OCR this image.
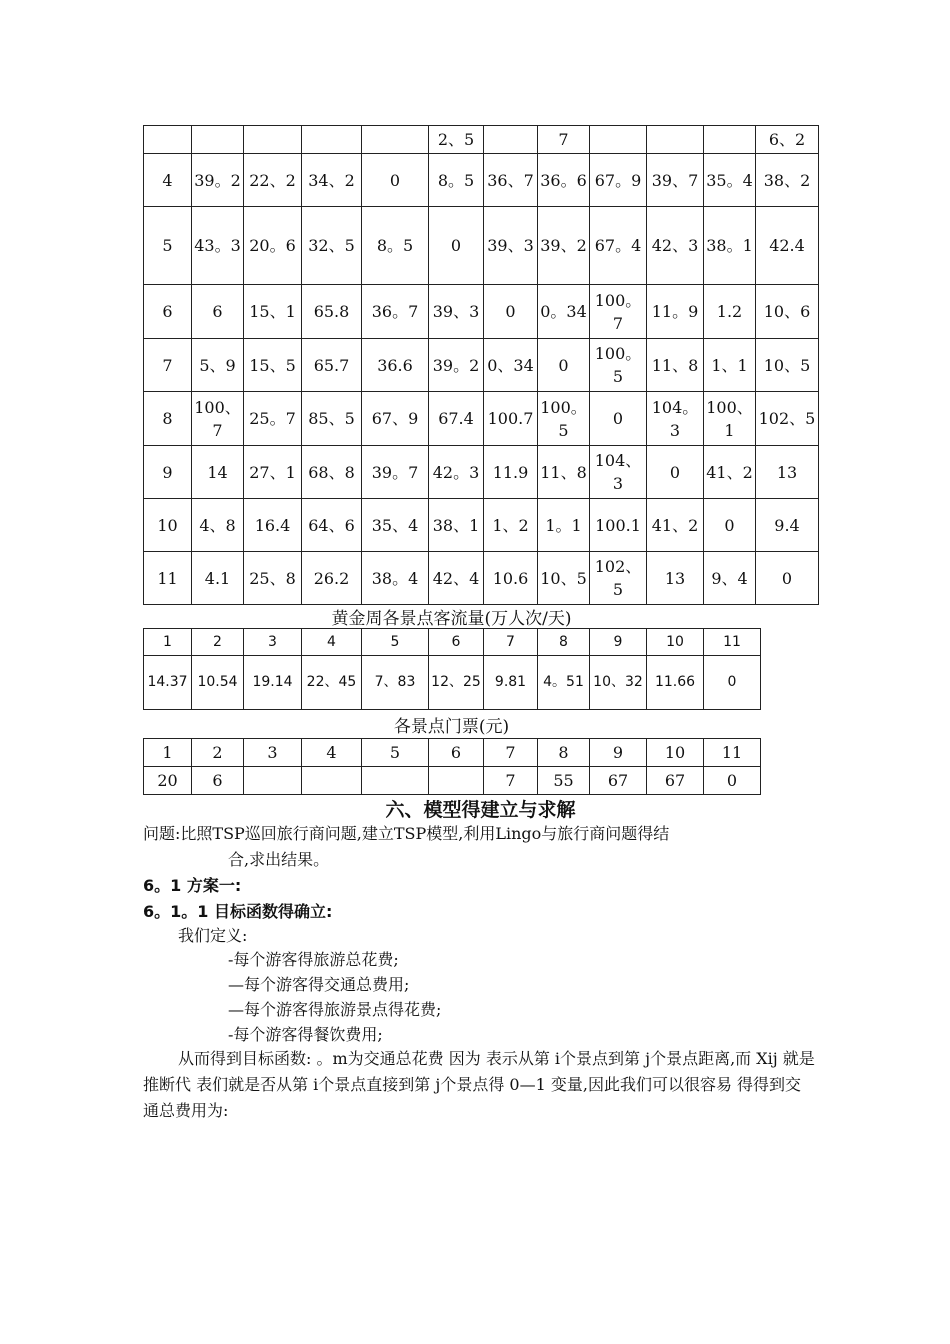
					2、5		7				6、2
4	39。2	22、2	34、2	0	8。5	36、7	36。6	67。9	39、7	35。4	38、2
5	43。3	20。6	32、5	8。5	0	39、3	39、2	67。4	42、3	38。1	42.4
6	6	15、1	65.8	36。7	39、3	0	0。34	100。7	11。9	1.2	10、6
7	5、9	15、5	65.7	36.6	39。2	0、34	0	100。5	11、8	1、1	10、5
8	100、7	25。7	85、5	67、9	67.4	100.7	100。5	0	104。3	100、1	102、5
9	14	27、1	68、8	39。7	42。3	11.9	11、8	104、3	0	41、2	13
10	4、8	16.4	64、6	35、4	38、1	1、2	1。1	100.1	41、2	0	9.4
11	4.1	25、8	26.2	38。4	42、4	10.6	10、5	102、5	13	9、4	0
黄金周各景点客流量(万人次/天)
1	2	3	4	5	6	7	8	9	10	11
14.37	10.54	19.14	22、45	7、83	12、25	9.81	4。51	10、32	11.66	0
各景点门票(元)
1	2	3	4	5	6	7	8	9	10	11
20	6					7	55	67	67	0
六、模型得建立与求解
问题:比照TSP巡回旅行商问题,建立TSP模型,利用Lingo与旅行商问题得结
合,求出结果。
6。1 方案一:
6。1。1 目标函数得确立:
我们定义:
-每个游客得旅游总花费;
—每个游客得交通总费用;
—每个游客得旅游景点得花费;
-每个游客得餐饮费用;
从而得到目标函数: 。m为交通总花费 因为 表示从第 i个景点到第 j个景点距离,而 Xij 就是推断代 表们就是否从第 i个景点直接到第 j个景点得 0—1 变量,因此我们可以很容易 得得到交通总费用为:
